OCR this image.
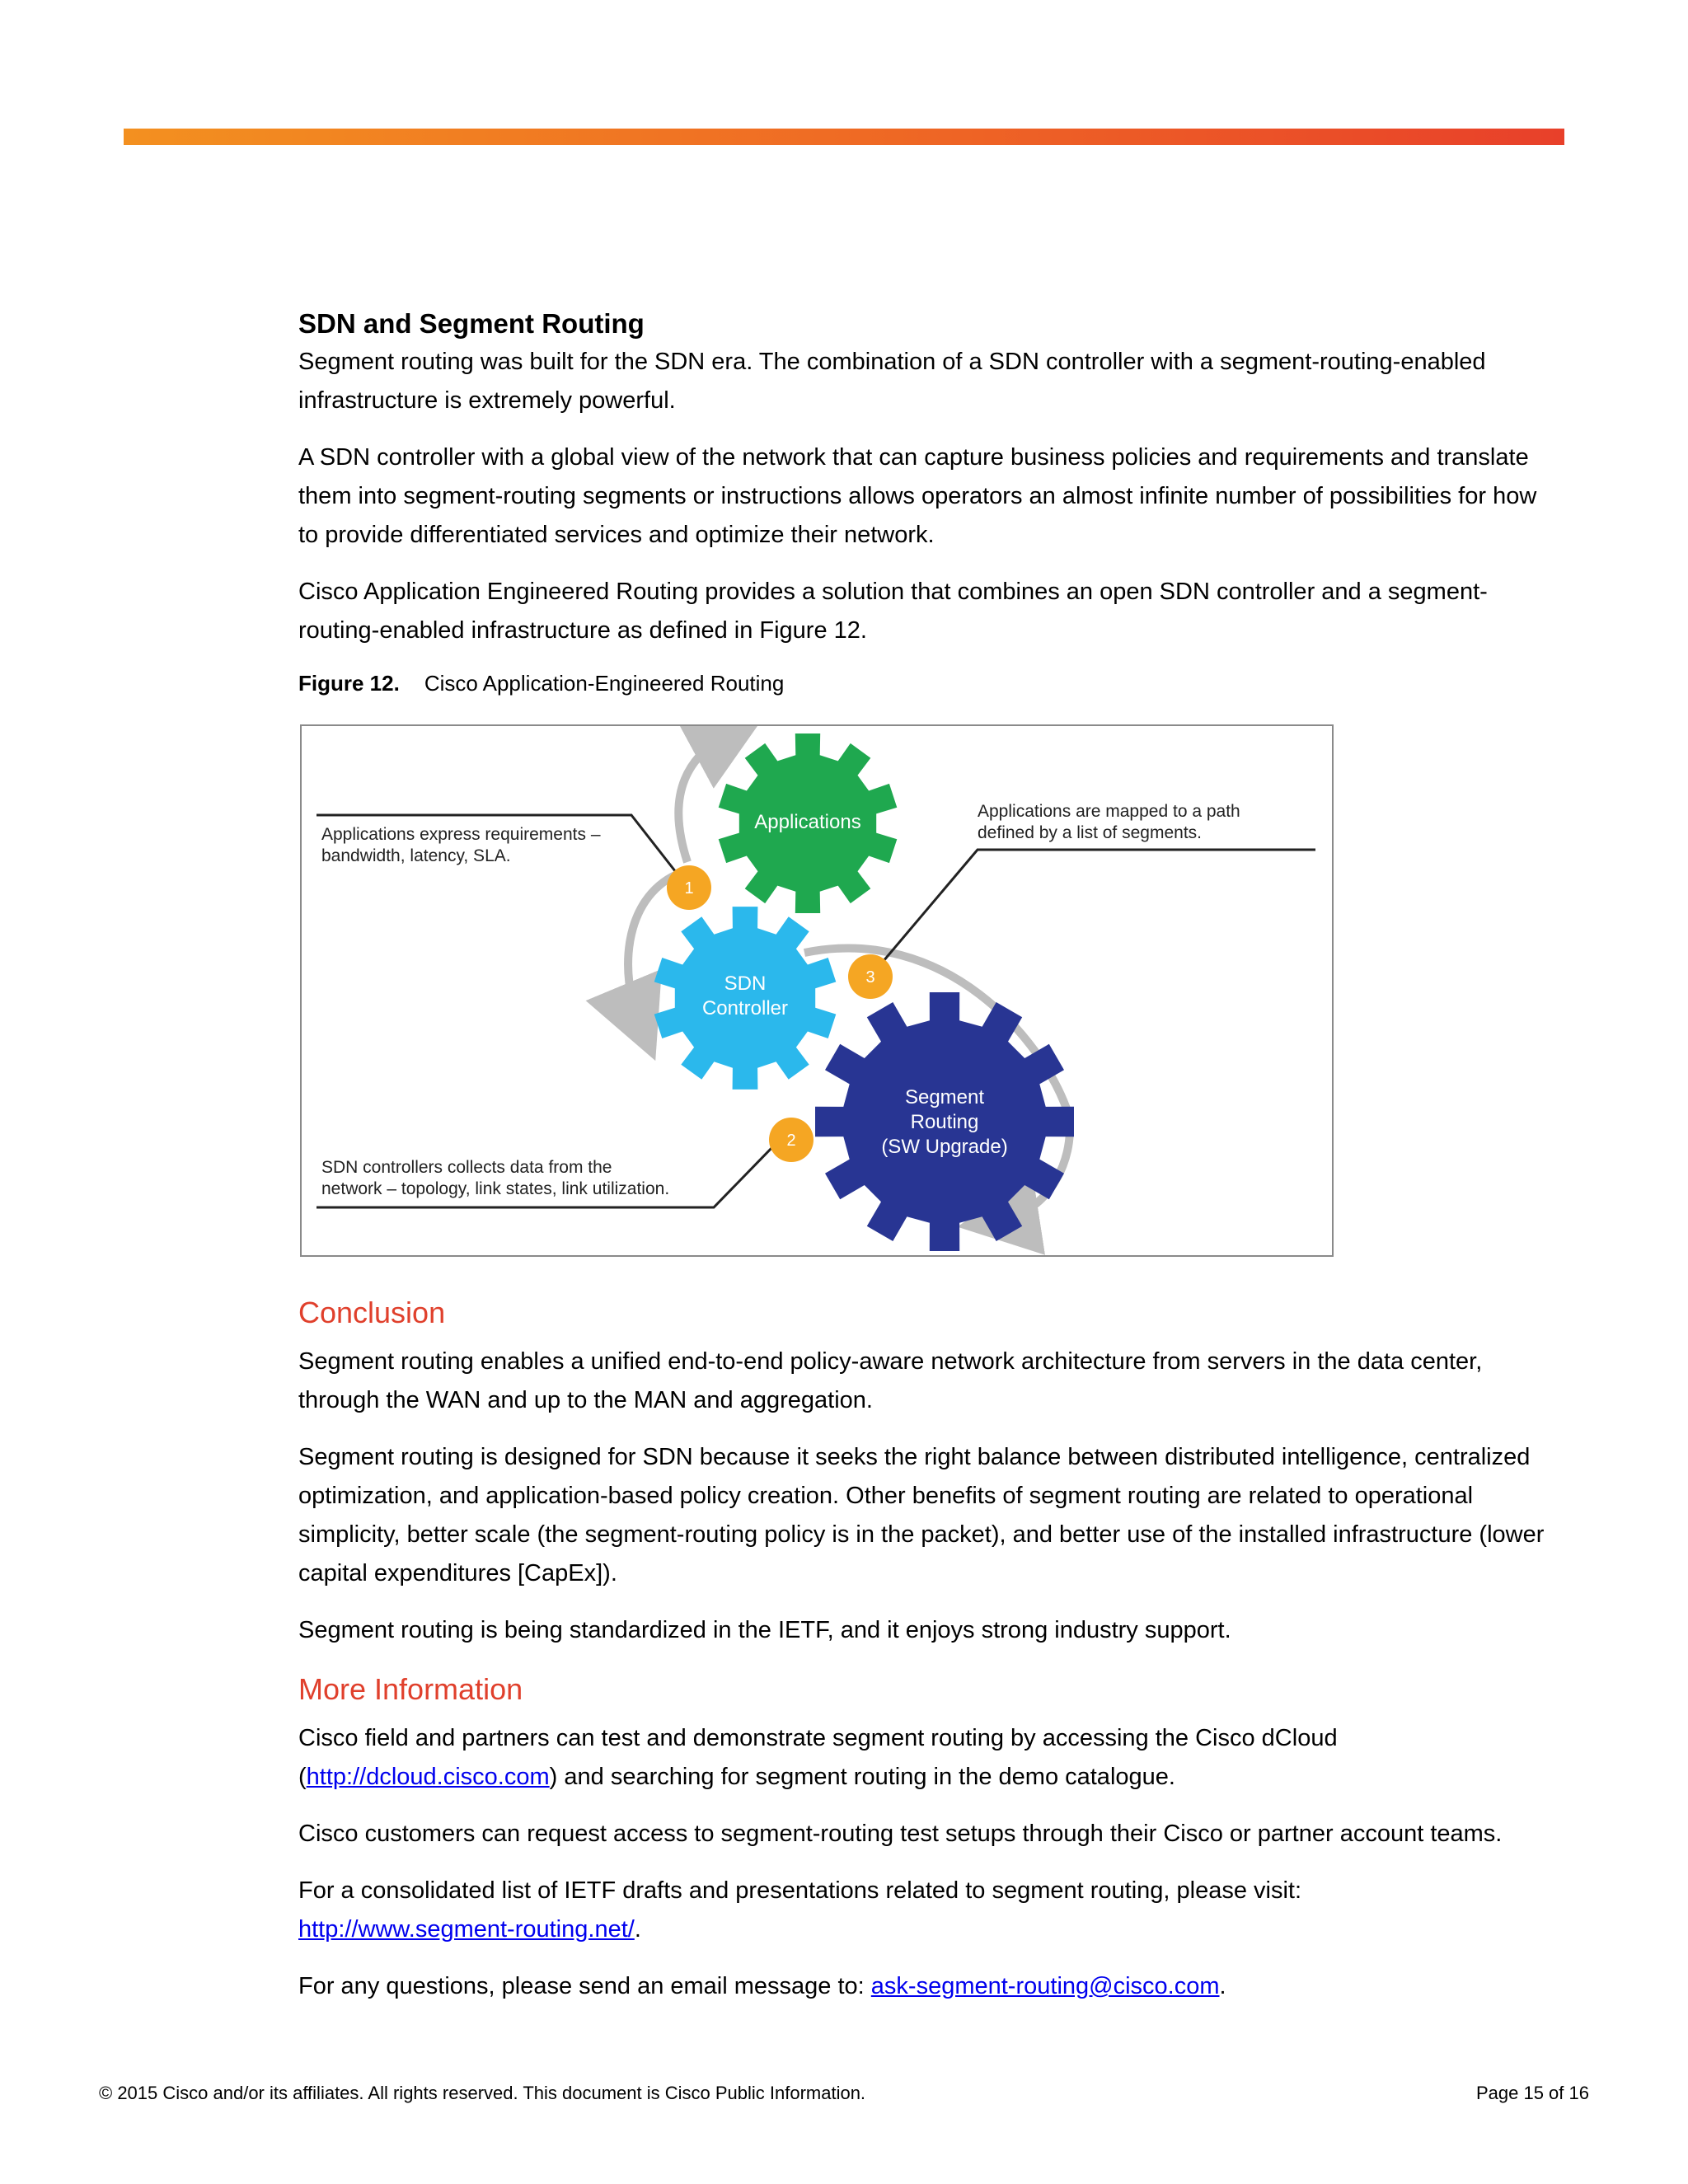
SDN and Segment Routing

Segment routing was built for the SDN era. The combination of a SDN controller with a segment-routing-enabled infrastructure is extremely powerful.

A SDN controller with a global view of the network that can capture business policies and requirements and translate them into segment-routing segments or instructions allows operators an almost infinite number of possibilities for how to provide differentiated services and optimize their network.

Cisco Application Engineered Routing provides a solution that combines an open SDN controller and a segment-routing-enabled infrastructure as defined in Figure 12.

Figure 12. Cisco Application-Engineered Routing
Applications
SDN
Controller
Segment
Routing
(SW Upgrade)
1
2
3
Applications express requirements –
bandwidth, latency, SLA.
Applications are mapped to a path
defined by a list of segments.
SDN controllers collects data from the
network – topology, link states, link utilization.
Conclusion

Segment routing enables a unified end-to-end policy-aware network architecture from servers in the data center, through the WAN and up to the MAN and aggregation.

Segment routing is designed for SDN because it seeks the right balance between distributed intelligence, centralized optimization, and application-based policy creation. Other benefits of segment routing are related to operational simplicity, better scale (the segment-routing policy is in the packet), and better use of the installed infrastructure (lower capital expenditures [CapEx]).

Segment routing is being standardized in the IETF, and it enjoys strong industry support.

More Information

Cisco field and partners can test and demonstrate segment routing by accessing the Cisco dCloud (http://dcloud.cisco.com) and searching for segment routing in the demo catalogue.

Cisco customers can request access to segment-routing test setups through their Cisco or partner account teams.

For a consolidated list of IETF drafts and presentations related to segment routing, please visit:
http://www.segment-routing.net/.

For any questions, please send an email message to: ask-segment-routing@cisco.com.

© 2015 Cisco and/or its affiliates. All rights reserved. This document is Cisco Public Information.	Page 15 of 16
